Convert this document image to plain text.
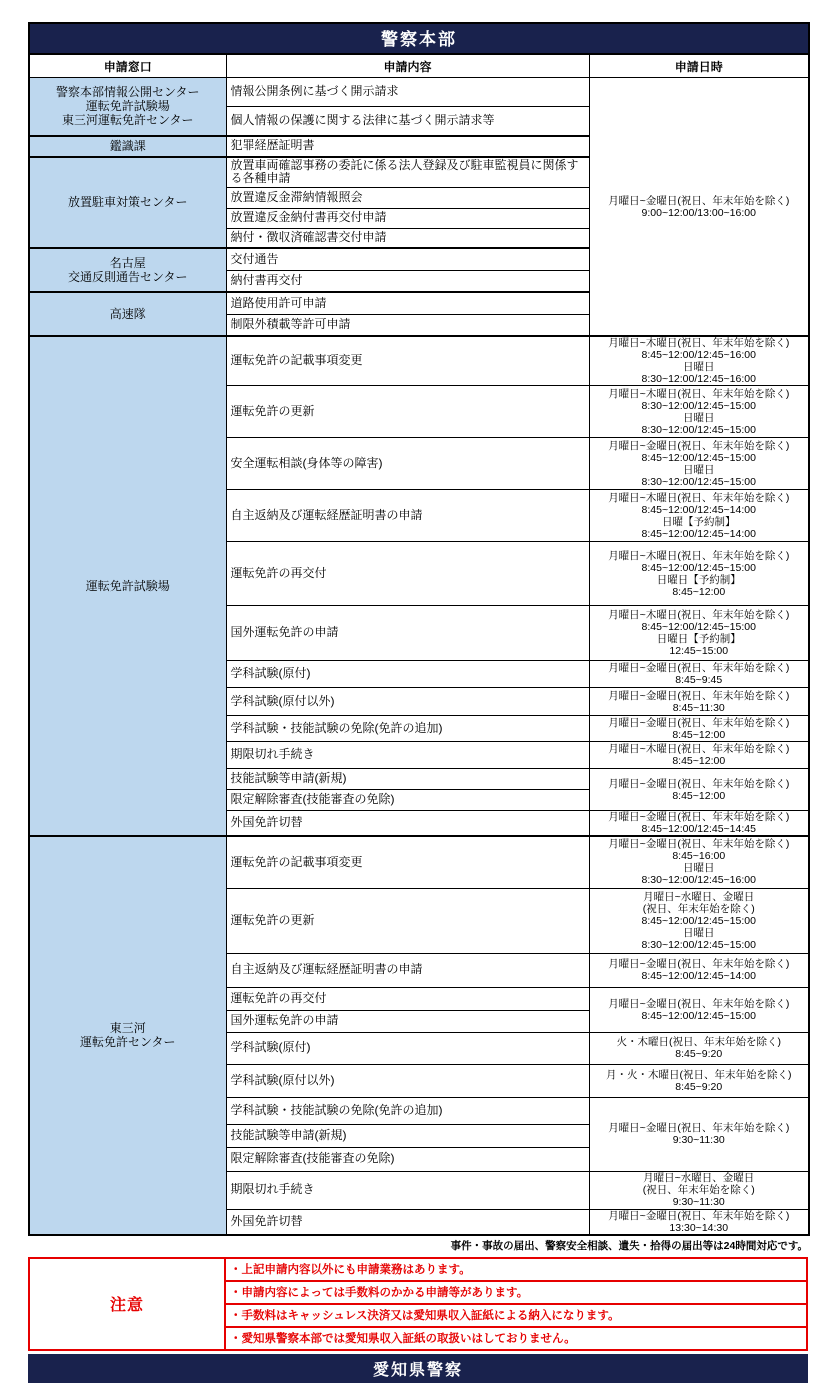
警察本部		
申請窓口	申請内容	申請日時
警察本部情報公開センター
運転免許試験場
東三河運転免許センター	情報公開条例に基づく開示請求	月曜日~金曜日(祝日、年末年始を除く)
9:00~12:00/13:00~16:00
	個人情報の保護に関する法律に基づく開示請求等	
鑑識課	犯罪経歴証明書	
放置駐車対策センター	放置車両確認事務の委託に係る法人登録及び駐車監視員に関係する各種申請	
	放置違反金滞納情報照会	
	放置違反金納付書再交付申請	
	納付・徴収済確認書交付申請	
名古屋
交通反則通告センター	交付通告	
	納付書再交付	
高速隊	道路使用許可申請	
	制限外積載等許可申請	
運転免許試験場	運転免許の記載事項変更	月曜日~木曜日(祝日、年末年始を除く)
8:45~12:00/12:45~16:00
日曜日
8:30~12:00/12:45~16:00
	運転免許の更新	月曜日~木曜日(祝日、年末年始を除く)
8:30~12:00/12:45~15:00
日曜日
8:30~12:00/12:45~15:00
	安全運転相談(身体等の障害)	月曜日~金曜日(祝日、年末年始を除く)
8:45~12:00/12:45~15:00
日曜日
8:30~12:00/12:45~15:00
	自主返納及び運転経歴証明書の申請	月曜日~木曜日(祝日、年末年始を除く)
8:45~12:00/12:45~14:00
日曜【予約制】
8:45~12:00/12:45~14:00
	運転免許の再交付	月曜日~木曜日(祝日、年末年始を除く)
8:45~12:00/12:45~15:00
日曜日【予約制】
8:45~12:00
	国外運転免許の申請	月曜日~木曜日(祝日、年末年始を除く)
8:45~12:00/12:45~15:00
日曜日【予約制】
12:45~15:00
	学科試験(原付)	月曜日~金曜日(祝日、年末年始を除く)
8:45~9:45
	学科試験(原付以外)	月曜日~金曜日(祝日、年末年始を除く)
8:45~11:30
	学科試験・技能試験の免除(免許の追加)	月曜日~金曜日(祝日、年末年始を除く)
8:45~12:00
	期限切れ手続き	月曜日~木曜日(祝日、年末年始を除く)
8:45~12:00
	技能試験等申請(新規)	月曜日~金曜日(祝日、年末年始を除く)
8:45~12:00
	限定解除審査(技能審査の免除)	
	外国免許切替	月曜日~金曜日(祝日、年末年始を除く)
8:45~12:00/12:45~14:45
東三河
運転免許センター	運転免許の記載事項変更	月曜日~金曜日(祝日、年末年始を除く)
8:45~16:00
日曜日
8:30~12:00/12:45~16:00
	運転免許の更新	月曜日~水曜日、金曜日
(祝日、年末年始を除く)
8:45~12:00/12:45~15:00
日曜日
8:30~12:00/12:45~15:00
	自主返納及び運転経歴証明書の申請	月曜日~金曜日(祝日、年末年始を除く)
8:45~12:00/12:45~14:00
	運転免許の再交付	月曜日~金曜日(祝日、年末年始を除く)
8:45~12:00/12:45~15:00
	国外運転免許の申請	
	学科試験(原付)	火・木曜日(祝日、年末年始を除く)
8:45~9:20
	学科試験(原付以外)	月・火・木曜日(祝日、年末年始を除く)
8:45~9:20
	学科試験・技能試験の免除(免許の追加)	月曜日~金曜日(祝日、年末年始を除く)
9:30~11:30
	技能試験等申請(新規)	
	限定解除審査(技能審査の免除)	
	期限切れ手続き	月曜日~水曜日、金曜日
(祝日、年末年始を除く)
9:30~11:30
	外国免許切替	月曜日~金曜日(祝日、年末年始を除く)
13:30~14:30
事件・事故の届出、警察安全相談、遺失・拾得の届出等は24時間対応です。
注意
・上記申請内容以外にも申請業務はあります。
・申請内容によっては手数料のかかる申請等があります。
・手数料はキャッシュレス決済又は愛知県収入証紙による納入になります。
・愛知県警察本部では愛知県収入証紙の取扱いはしておりません。
愛知県警察
